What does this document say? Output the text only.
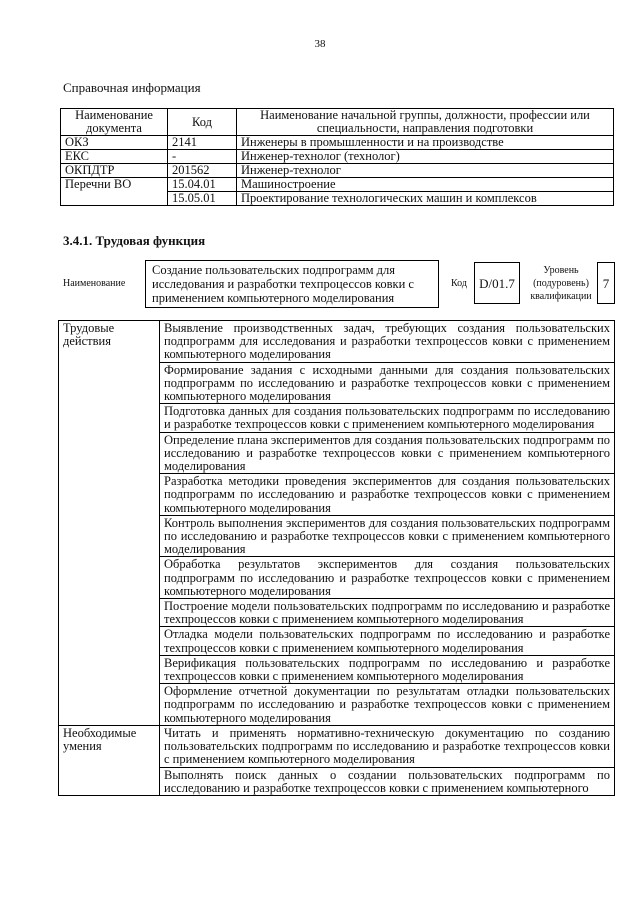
38
Справочная информация
Наименование документа	Код	Наименование начальной группы, должности, профессии или специальности, направления подготовки
ОКЗ	2141	Инженеры в промышленности и на производстве
ЕКС	-	Инженер-технолог (технолог)
ОКПДТР	201562	Инженер-технолог
Перечни ВО	15.04.01	Машиностроение
	15.05.01	Проектирование технологических машин и комплексов
3.4.1. Трудовая функция
Наименование
Создание пользовательских подпрограмм для исследования и разработки техпроцессов ковки с применением компьютерного моделирования
Код D/01.7
Уровень (подуровень) квалификации
7
Трудовые действия	Выявление производственных задач, требующих создания пользовательских подпрограмм для исследования и разработки техпроцессов ковки с применением компьютерного моделирования
	Формирование задания с исходными данными для создания пользовательских подпрограмм по исследованию и разработке техпроцессов ковки с применением компьютерного моделирования
	Подготовка данных для создания пользовательских подпрограмм по исследованию и разработке техпроцессов ковки с применением компьютерного моделирования
	Определение плана экспериментов для создания пользовательских подпрограмм по исследованию и разработке техпроцессов ковки с применением компьютерного моделирования
	Разработка методики проведения экспериментов для создания пользовательских подпрограмм по исследованию и разработке техпроцессов ковки с применением компьютерного моделирования
	Контроль выполнения экспериментов для создания пользовательских подпрограмм по исследованию и разработке техпроцессов ковки с применением компьютерного моделирования
	Обработка результатов экспериментов для создания пользовательских подпрограмм по исследованию и разработке техпроцессов ковки с применением компьютерного моделирования
	Построение модели пользовательских подпрограмм по исследованию и разработке техпроцессов ковки с применением компьютерного моделирования
	Отладка модели пользовательских подпрограмм по исследованию и разработке техпроцессов ковки с применением компьютерного моделирования
	Верификация пользовательских подпрограмм по исследованию и разработке техпроцессов ковки с применением компьютерного моделирования
	Оформление отчетной документации по результатам отладки пользовательских подпрограмм по исследованию и разработке техпроцессов ковки с применением компьютерного моделирования
Необходимые умения	Читать и применять нормативно-техническую документацию по созданию пользовательских подпрограмм по исследованию и разработке техпроцессов ковки с применением компьютерного моделирования
	Выполнять поиск данных о создании пользовательских подпрограмм по исследованию и разработке техпроцессов ковки с применением компьютерного
